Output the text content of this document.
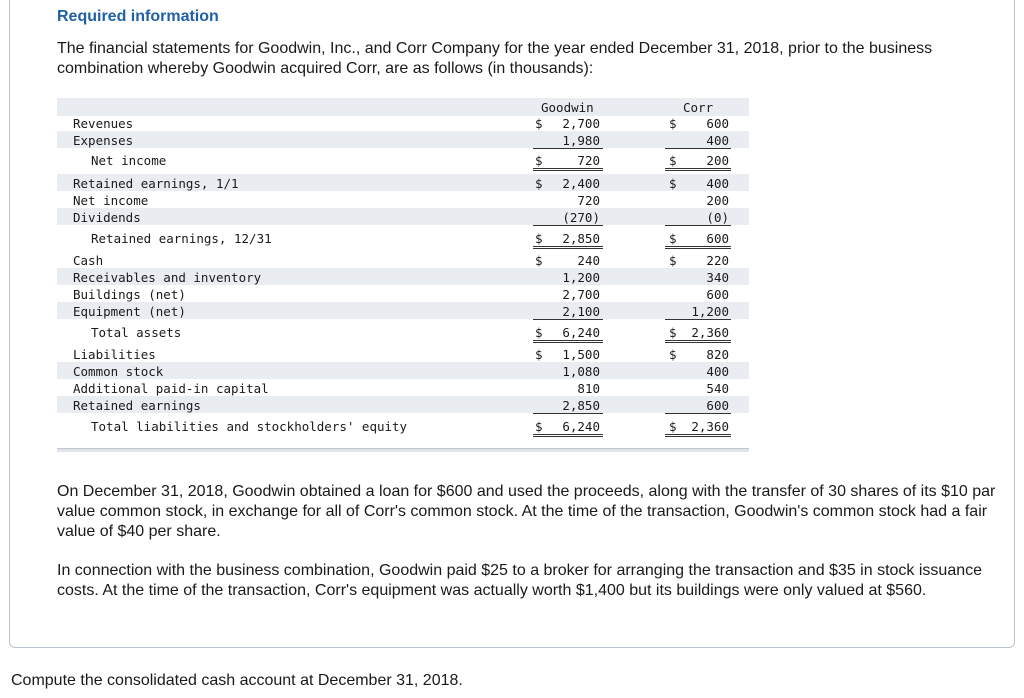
Required information
The financial statements for Goodwin, Inc., and Corr Company for the year ended December 31, 2018, prior to the business combination whereby Goodwin acquired Corr, are as follows (in thousands):
Goodwin	Corr
Revenues	$	2,700	$	600
Expenses	1,980	400
Net income	$	720	$	200
Retained earnings, 1/1	$	2,400	$	400
Net income	720	200
Dividends	(270)	(0)
Retained earnings, 12/31	$	2,850	$	600
Cash	$	240	$	220
Receivables and inventory	1,200	340
Buildings (net)	2,700	600
Equipment (net)	2,100	1,200
Total assets	$	6,240	$	2,360
Liabilities	$	1,500	$	820
Common stock	1,080	400
Additional paid-in capital	810	540
Retained earnings	2,850	600
Total liabilities and stockholders' equity	$	6,240	$	2,360
On December 31, 2018, Goodwin obtained a loan for $600 and used the proceeds, along with the transfer of 30 shares of its $10 par value common stock, in exchange for all of Corr's common stock. At the time of the transaction, Goodwin's common stock had a fair value of $40 per share.
In connection with the business combination, Goodwin paid $25 to a broker for arranging the transaction and $35 in stock issuance costs. At the time of the transaction, Corr's equipment was actually worth $1,400 but its buildings were only valued at $560.
Compute the consolidated cash account at December 31, 2018.
